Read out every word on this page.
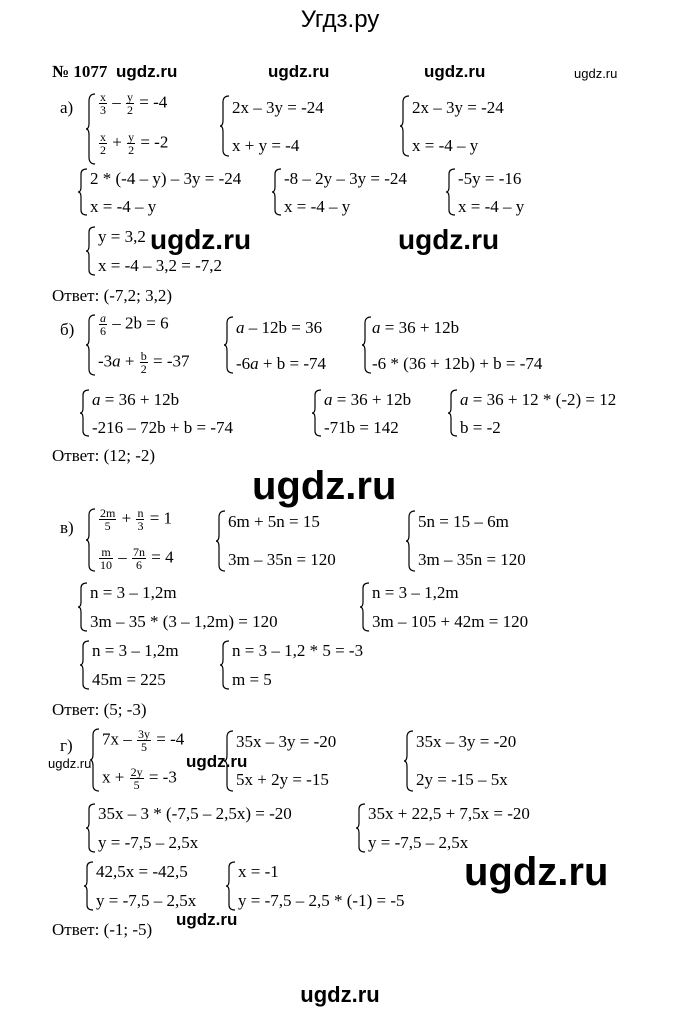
Угдз.ру
№ 1077 ugdz.ru	ugdz.ru	ugdz.ru	ugdz.ru
$а) \frac{x}{3} - \frac{y}{2} = -4$
$\frac{x}{2} + \frac{y}{2} = -2$
2x – 3y = -24
x + y = -4
2x – 3y = -24
x = -4 – y
2 * (-4 – y) – 3y = -24
x = -4 – y
-8 – 2y – 3y = -24
x = -4 – y
-5y = -16
x = -4 – y
y = 3,2
x = -4 – 3,2 = -7,2
ugdz.ru	ugdz.ru
Ответ: (-7,2; 3,2)
$б) \frac{a}{6} - 2b = 6$
$-3a + \frac{b}{2} = -37$
a – 12b = 36
-6a + b = -74
a = 36 + 12b
-6 * (36 + 12b) + b = -74
a = 36 + 12b
-216 – 72b + b = -74
a = 36 + 12b
-71b = 142
a = 36 + 12 * (-2) = 12
b = -2
Ответ: (12; -2)
ugdz.ru
$в) \frac{2m}{5} + \frac{n}{3} = 1$
$\frac{m}{10} - \frac{7n}{6} = 4$
6m + 5n = 15
3m – 35n = 120
5n = 15 – 6m
3m – 35n = 120
n = 3 – 1,2m
3m – 35 * (3 – 1,2m) = 120
n = 3 – 1,2m
3m – 105 + 42m = 120
n = 3 – 1,2m
45m = 225
n = 3 – 1,2 * 5 = -3
m = 5
Ответ: (5; -3)
г)
ugdz.ru	ugdz.ru
$7x - \frac{3y}{5} = -4$
$x + \frac{2y}{5} = -3$
35x – 3y = -20
5x + 2y = -15
35x – 3y = -20
2y = -15 – 5x
35x – 3 * (-7,5 – 2,5x) = -20
y = -7,5 – 2,5x
35x + 22,5 + 7,5x = -20
y = -7,5 – 2,5x
42,5x = -42,5
y = -7,5 – 2,5x
x = -1
y = -7,5 – 2,5 * (-1) = -5
ugdz.ru
ugdz.ru
Ответ: (-1; -5)
ugdz.ru
